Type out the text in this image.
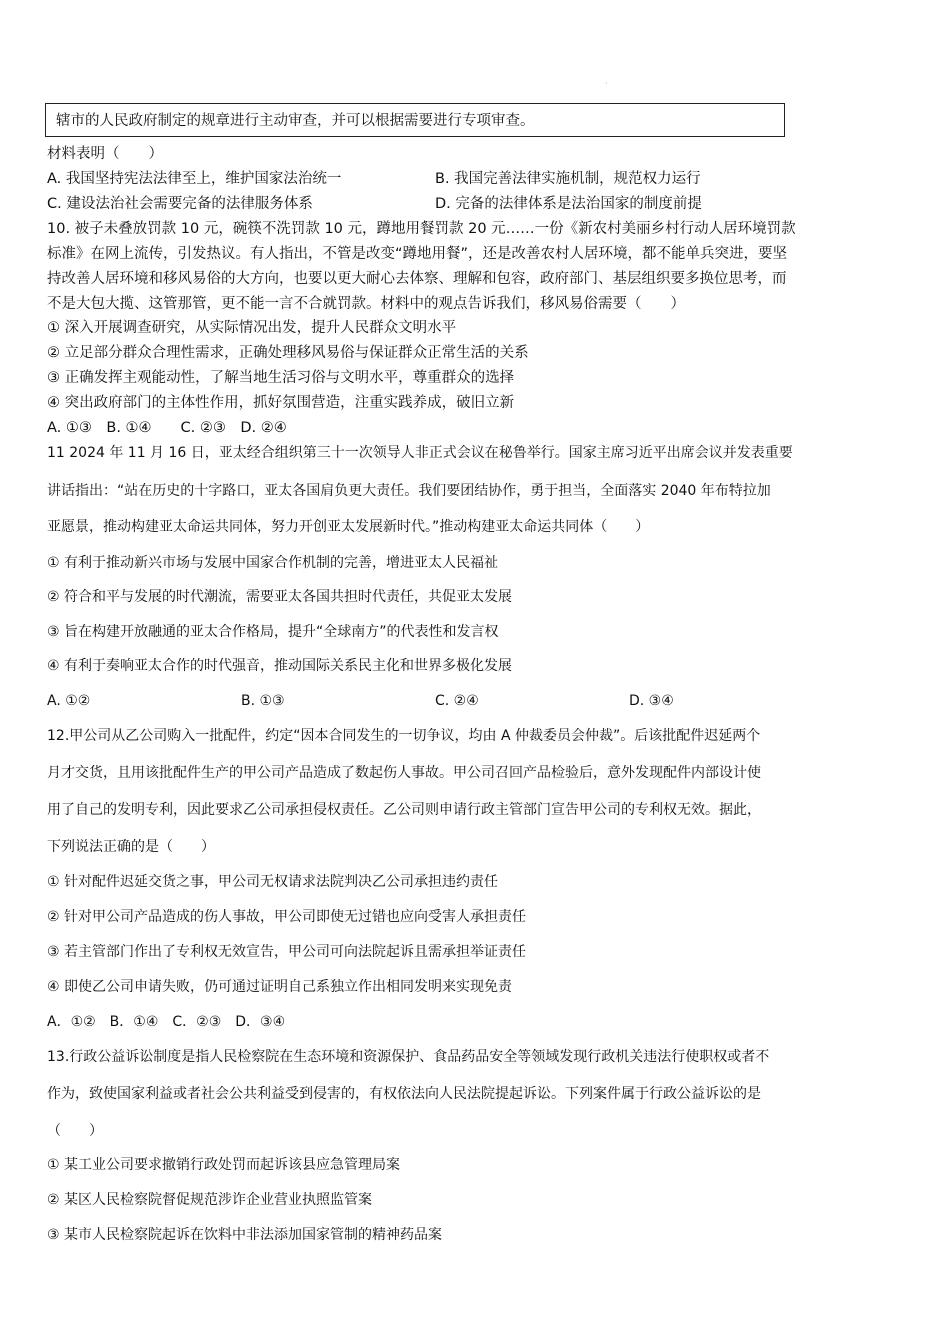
·
辖市的人民政府制定的规章进行主动审查，并可以根据需要进行专项审查。
材料表明（　　）
A. 我国坚持宪法法律至上，维护国家法治统一	B. 我国完善法律实施机制，规范权力运行
C. 建设法治社会需要完备的法律服务体系	D. 完备的法律体系是法治国家的制度前提
10. 被子未叠放罚款 10 元，碗筷不洗罚款 10 元，蹲地用餐罚款 20 元……一份《新农村美丽乡村行动人居环境罚款
标准》在网上流传，引发热议。有人指出，不管是改变“蹲地用餐”，还是改善农村人居环境，都不能单兵突进，要坚
持改善人居环境和移风易俗的大方向，也要以更大耐心去体察、理解和包容，政府部门、基层组织要多换位思考，而
不是大包大揽、这管那管，更不能一言不合就罚款。材料中的观点告诉我们，移风易俗需要（　　）
① 深入开展调查研究，从实际情况出发，提升人民群众文明水平
② 立足部分群众合理性需求，正确处理移风易俗与保证群众正常生活的关系
③ 正确发挥主观能动性，了解当地生活习俗与文明水平，尊重群众的选择
④ 突出政府部门的主体性作用，抓好氛围营造，注重实践养成，破旧立新
A. ①③　B. ①④　　C. ②③　D. ②④
11 2024 年 11 月 16 日，亚太经合组织第三十一次领导人非正式会议在秘鲁举行。国家主席习近平出席会议并发表重要
讲话指出：“站在历史的十字路口，亚太各国肩负更大责任。我们要团结协作，勇于担当，全面落实 2040 年布特拉加
亚愿景，推动构建亚太命运共同体，努力开创亚太发展新时代。”推动构建亚太命运共同体（　　）
① 有利于推动新兴市场与发展中国家合作机制的完善，增进亚太人民福祉
② 符合和平与发展的时代潮流，需要亚太各国共担时代责任，共促亚太发展
③ 旨在构建开放融通的亚太合作格局，提升“全球南方”的代表性和发言权
④ 有利于奏响亚太合作的时代强音，推动国际关系民主化和世界多极化发展
A. ①②	B. ①③	C. ②④	D. ③④
12.甲公司从乙公司购入一批配件，约定“因本合同发生的一切争议，均由 A 仲裁委员会仲裁”。后该批配件迟延两个
月才交货，且用该批配件生产的甲公司产品造成了数起伤人事故。甲公司召回产品检验后，意外发现配件内部设计使
用了自己的发明专利，因此要求乙公司承担侵权责任。乙公司则申请行政主管部门宣告甲公司的专利权无效。据此，
下列说法正确的是（　　）
① 针对配件迟延交货之事，甲公司无权请求法院判决乙公司承担违约责任
② 针对甲公司产品造成的伤人事故，甲公司即使无过错也应向受害人承担责任
③ 若主管部门作出了专利权无效宣告，甲公司可向法院起诉且需承担举证责任
④ 即使乙公司申请失败，仍可通过证明自己系独立作出相同发明来实现免责
A．①②　B．①④　C．②③　D．③④
13.行政公益诉讼制度是指人民检察院在生态环境和资源保护、食品药品安全等领域发现行政机关违法行使职权或者不
作为，致使国家利益或者社会公共利益受到侵害的，有权依法向人民法院提起诉讼。下列案件属于行政公益诉讼的是
（　　）
① 某工业公司要求撤销行政处罚而起诉该县应急管理局案
② 某区人民检察院督促规范涉诈企业营业执照监管案
③ 某市人民检察院起诉在饮料中非法添加国家管制的精神药品案
